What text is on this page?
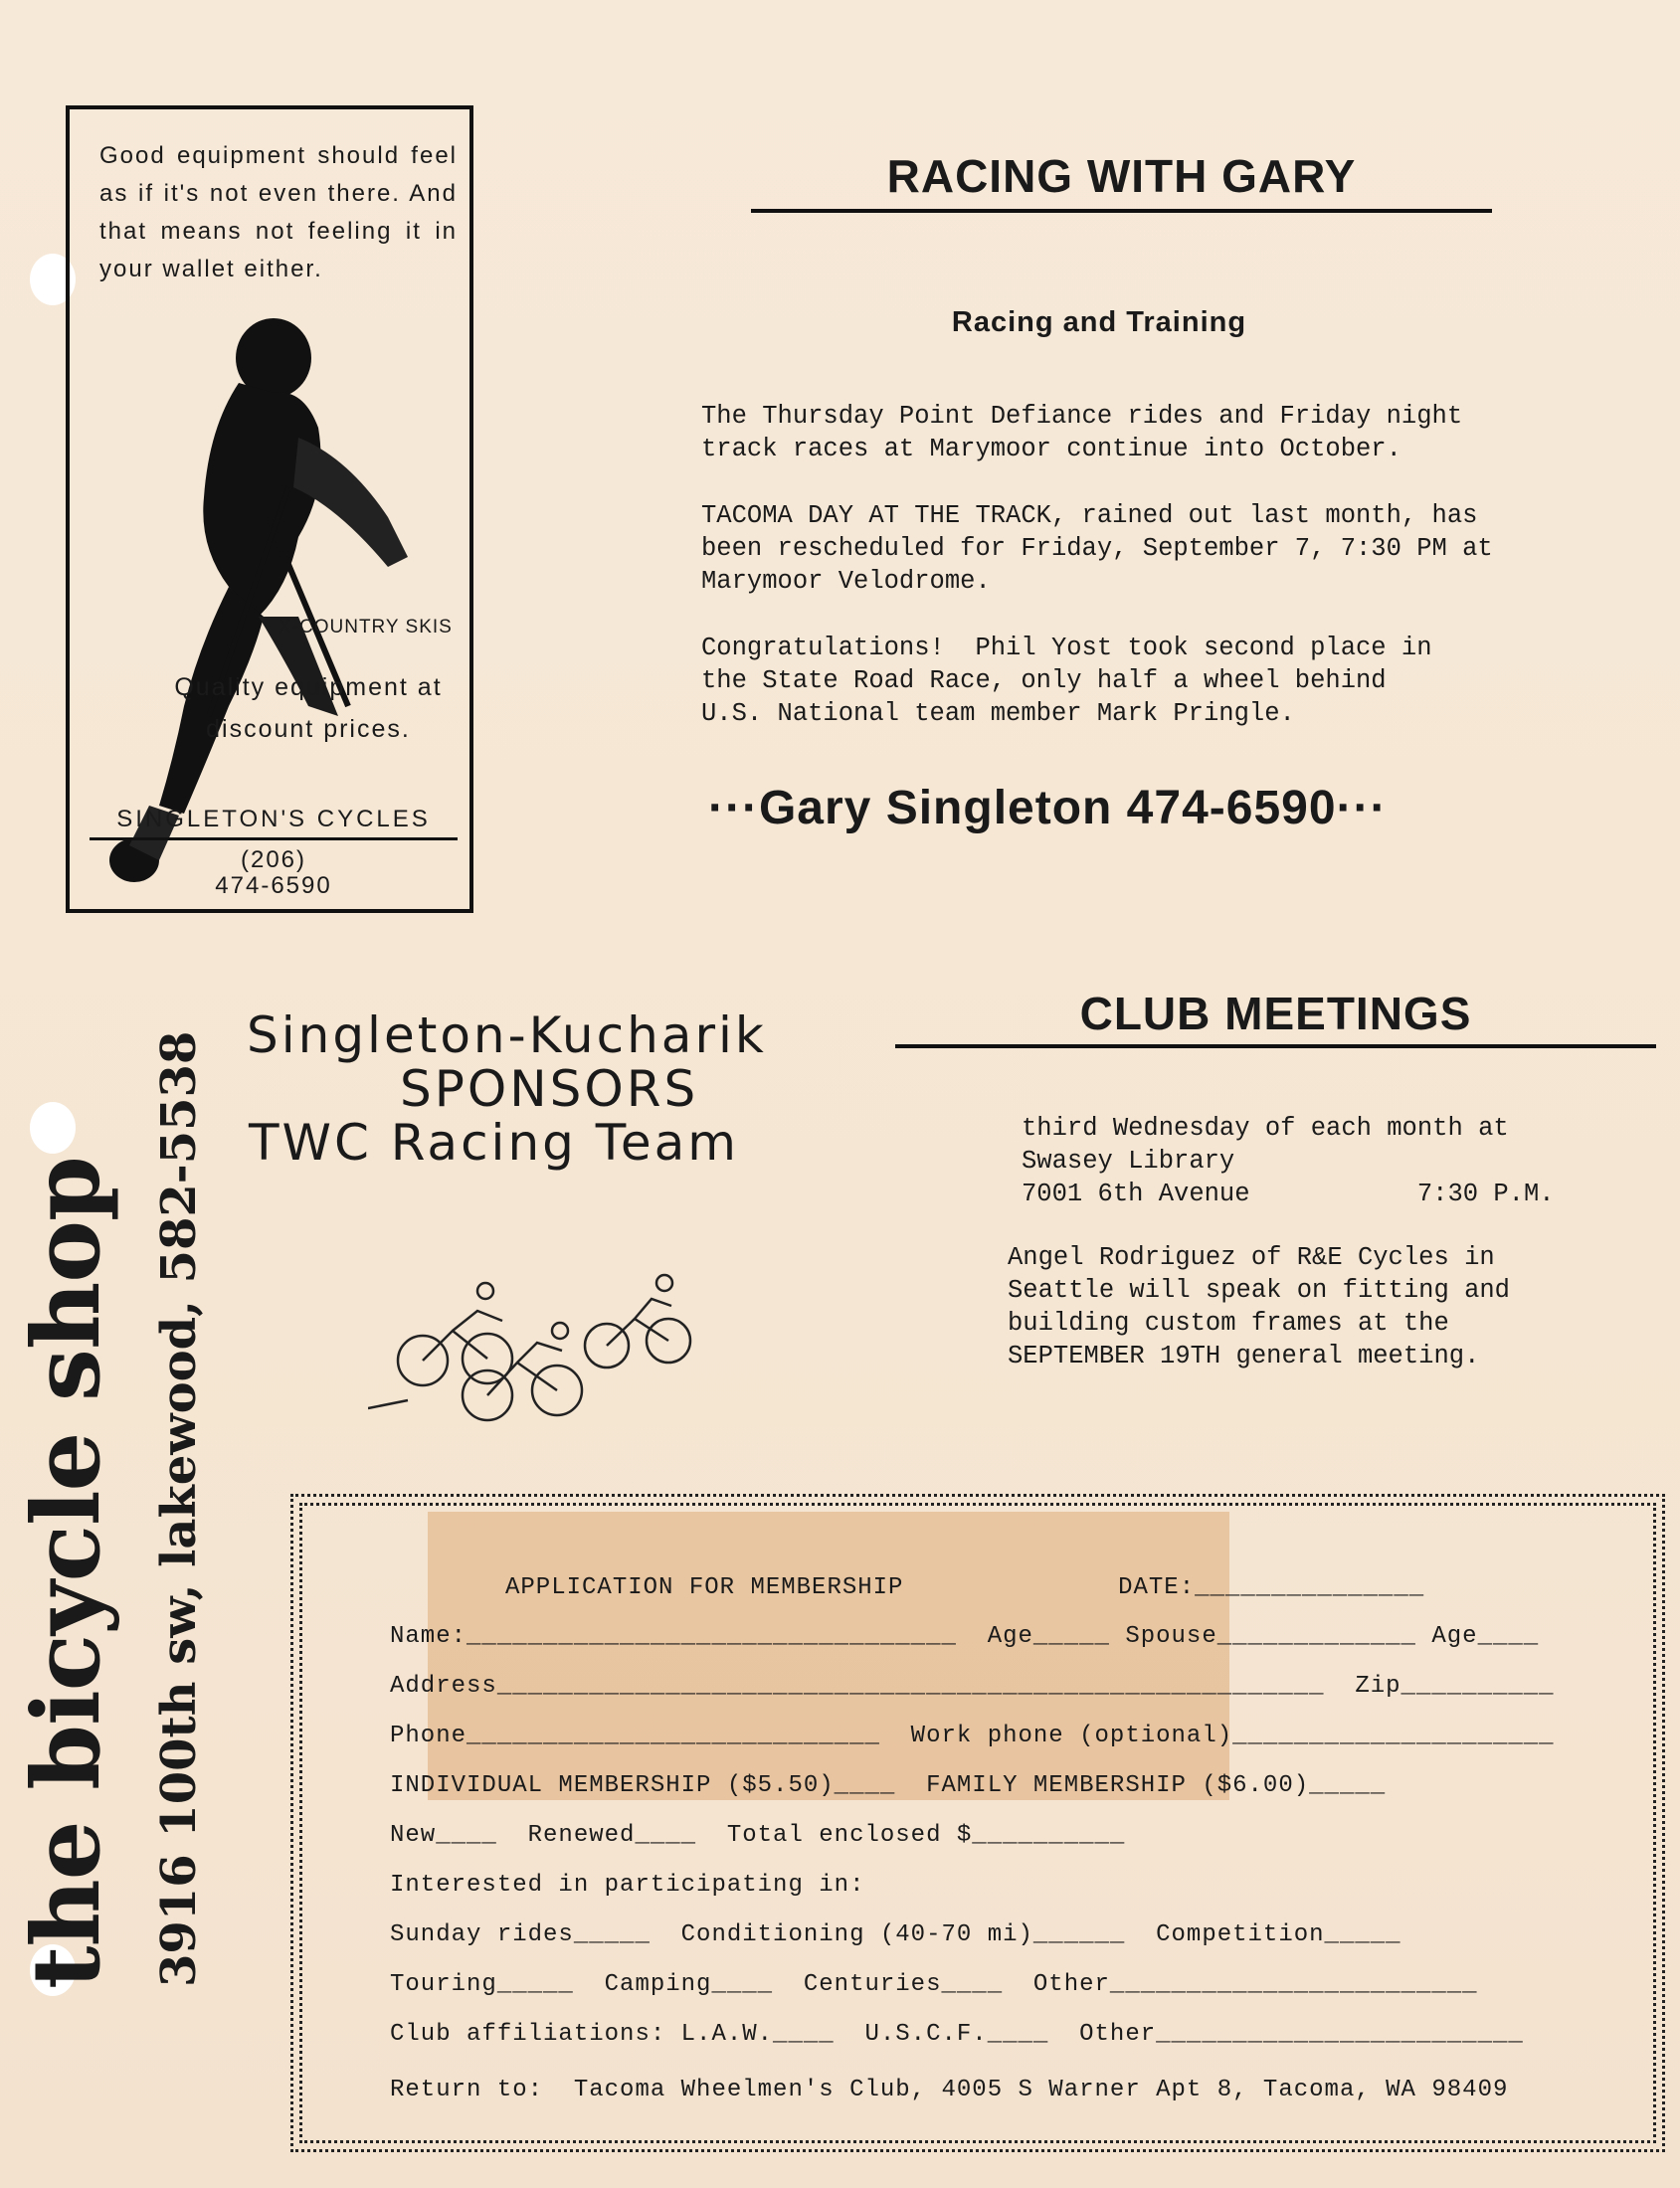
Good equipment should feel as if it's not even there. And that means not feeling it in your wallet either.
X-COUNTRY SKIS
Quality equipment at discount prices.
SINGLETON'S CYCLES
(206)
474-6590
RACING WITH GARY
Racing and Training
The Thursday Point Defiance rides and Friday night
track races at Marymoor continue into October.
TACOMA DAY AT THE TRACK, rained out last month, has
been rescheduled for Friday, September 7, 7:30 PM at
Marymoor Velodrome.
Congratulations!  Phil Yost took second place in
the State Road Race, only half a wheel behind
U.S. National team member Mark Pringle.
···Gary Singleton 474-6590···
Singleton-Kucharik
SPONSORS
TWC Racing Team
CLUB MEETINGS
third Wednesday of each month at
Swasey Library
7001 6th Avenue           7:30 P.M.
Angel Rodriguez of R&E Cycles in
Seattle will speak on fitting and
building custom frames at the
SEPTEMBER 19TH general meeting.
the bicycle shop 3916 100th sw, lakewood, 582-5538	APPLICATION FOR MEMBERSHIP              DATE:_______________
Name:________________________________  Age_____ Spouse_____________ Age____
Address______________________________________________________  Zip__________
Phone___________________________  Work phone (optional)_____________________
INDIVIDUAL MEMBERSHIP ($5.50)____  FAMILY MEMBERSHIP ($6.00)_____
New____  Renewed____  Total enclosed $__________
Interested in participating in:
Sunday rides_____  Conditioning (40-70 mi)______  Competition_____
Touring_____  Camping____  Centuries____  Other________________________
Club affiliations: L.A.W.____  U.S.C.F.____  Other________________________
Return to:  Tacoma Wheelmen's Club, 4005 S Warner Apt 8, Tacoma, WA 98409
